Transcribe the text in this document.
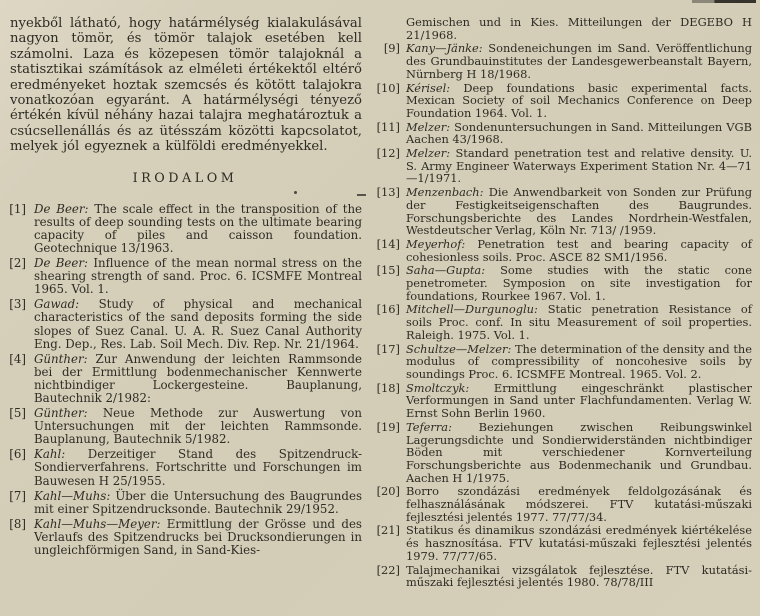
nyekből látható, hogy határmélység kialakulásával nagyon tömör, és tömör talajok esetében kell számolni. Laza és közepesen tömör talajoknál a statisztikai számítások az elméleti értékektől eltérő eredményeket hoztak szemcsés és kötött talajokra vonatkozóan egyaránt. A határmélységi tényező értékén kívül néhány hazai talajra meghatároztuk a csúcsellenállás és az ütésszám közötti kapcsolatot, melyek jól egyeznek a külföldi eredményekkel.

IRODALOM
[1] De Beer: The scale effect in the transposition of the results of deep sounding tests on the ultimate bearing capacity of piles and caisson foundation. Geotechnique 13/1963.
[2] De Beer: Influence of the mean normal stress on the shearing strength of sand. Proc. 6. ICSMFE Montreal 1965. Vol. 1.
[3] Gawad: Study of physical and mechanical characteristics of the sand deposits forming the side slopes of Suez Canal. U. A. R. Suez Canal Authority Eng. Dep., Res. Lab. Soil Mech. Div. Rep. Nr. 21/1964.
[4] Günther: Zur Anwendung der leichten Rammsonde bei der Ermittlung bodenmechanischer Kennwerte nichtbindiger Lockergesteine. Bauplanung, Bautechnik 2/1982:
[5] Günther: Neue Methode zur Auswertung von Untersuchungen mit der leichten Rammsonde. Bauplanung, Bautechnik 5/1982.
[6] Kahl: Derzeitiger Stand des Spitzendruck-Sondierverfahrens. Fortschritte und Forschungen im Bauwesen H 25/1955.
[7] Kahl—Muhs: Über die Untersuchung des Baugrundes mit einer Spitzendrucksonde. Bautechnik 29/1952.
[8] Kahl—Muhs—Meyer: Ermittlung der Grösse und des Verlaufs des Spitzendrucks bei Drucksondierungen in ungleichförmigen Sand, in Sand-Kies-

Gemischen und in Kies. Mitteilungen der DEGEBO H 21/1968.

[9] Kany—Jänke: Sondeneichungen im Sand. Veröffentlichung des Grundbauinstitutes der Landesgewerbeanstalt Bayern, Nürnberg H 18/1968.
[10] Kérisel: Deep foundations basic experimental facts. Mexican Society of soil Mechanics Conference on Deep Foundation 1964. Vol. 1.
[11] Melzer: Sondenuntersuchungen in Sand. Mitteilungen VGB Aachen 43/1968.
[12] Melzer: Standard penetration test and relative density. U. S. Army Engineer Waterways Experiment Station Nr. 4—71—1/1971.
[13] Menzenbach: Die Anwendbarkeit von Sonden zur Prüfung der Festigkeitseigenschaften des Baugrundes. Forschungsberichte des Landes Nordrhein-Westfalen, Westdeutscher Verlag, Köln Nr. 713/ /1959.
[14] Meyerhof: Penetration test and bearing capacity of cohesionless soils. Proc. ASCE 82 SM1/1956.
[15] Saha—Gupta: Some studies with the static cone penetrometer. Symposion on site investigation for foundations, Rourkee 1967. Vol. 1.
[16] Mitchell—Durgunoglu: Static penetration Resistance of soils Proc. conf. In situ Measurement of soil properties. Raleigh. 1975. Vol. 1.
[17] Schultze—Melzer: The determination of the density and the modulus of compressibility of noncohesive soils by soundings Proc. 6. ICSMFE Montreal. 1965. Vol. 2.
[18] Smoltczyk: Ermittlung eingeschränkt plastischer Verformungen in Sand unter Flachfundamenten. Verlag W. Ernst Sohn Berlin 1960.
[19] Teferra: Beziehungen zwischen Reibungswinkel Lagerungsdichte und Sondierwiderständen nichtbindiger Böden mit verschiedener Kornverteilung Forschungsberichte aus Bodenmechanik und Grundbau. Aachen H 1/1975.
[20] Borro szondázási eredmények feldolgozásának és felhasználásának módszerei. FTV kutatási-műszaki fejlesztési jelentés 1977. 77/77/34.
[21] Statikus és dinamikus szondázási eredmények kiértékelése és hasznosítása. FTV kutatási-műszaki fejlesztési jelentés 1979. 77/77/65.
[22] Talajmechanikai vizsgálatok fejlesztése. FTV kutatási-műszaki fejlesztési jelentés 1980. 78/78/III
